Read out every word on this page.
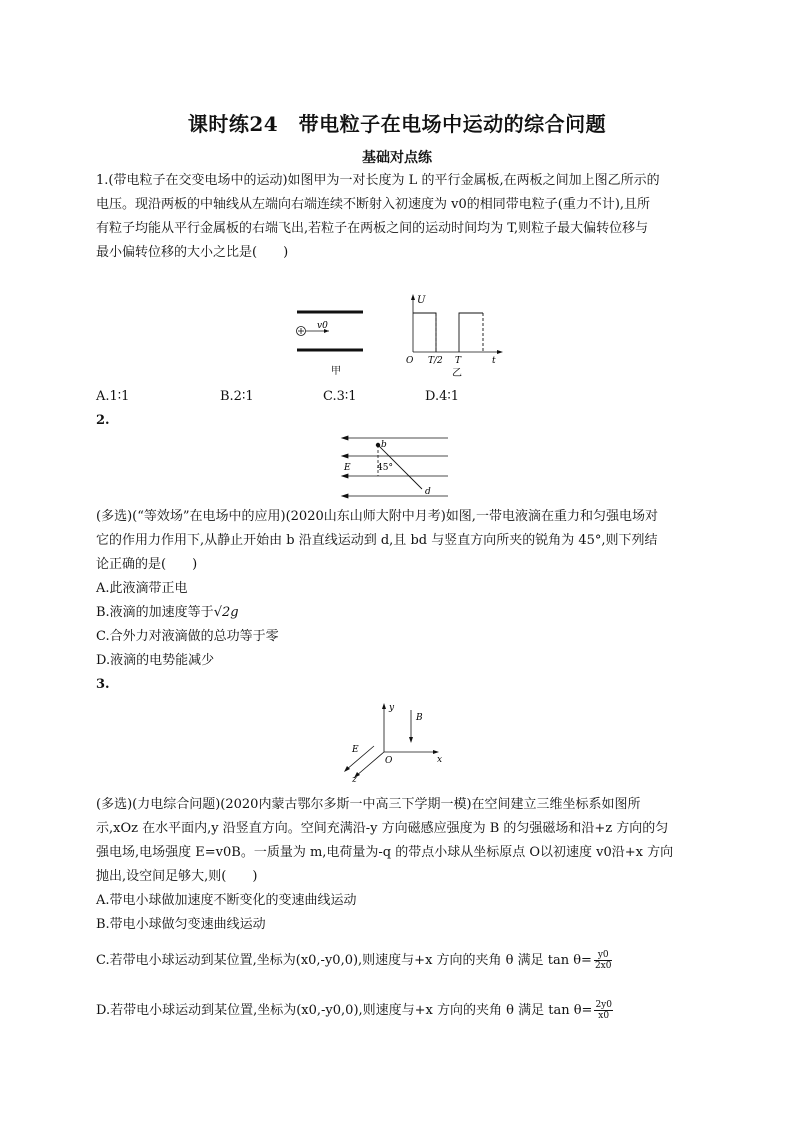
课时练24　带电粒子在电场中运动的综合问题
基础对点练
1.(带电粒子在交变电场中的运动)如图甲为一对长度为 L 的平行金属板,在两板之间加上图乙所示的
电压。现沿两板的中轴线从左端向右端连续不断射入初速度为 v0的相同带电粒子(重力不计),且所
有粒子均能从平行金属板的右端飞出,若粒子在两板之间的运动时间均为 T,则粒子最大偏转位移与
最小偏转位移的大小之比是(　　)
v0
甲
U
O T/2 T	t
乙
A.1∶1	B.2∶1	C.3∶1	D.4∶1
2.
b
d
E	45°
(多选)(“等效场”在电场中的应用)(2020山东山师大附中月考)如图,一带电液滴在重力和匀强电场对
它的作用力作用下,从静止开始由 b 沿直线运动到 d,且 bd 与竖直方向所夹的锐角为 45°,则下列结
论正确的是(　　)
A.此液滴带正电
B.液滴的加速度等于√2g
C.合外力对液滴做的总功等于零
D.液滴的电势能减少
3.
y
x
z
O
B
E
(多选)(力电综合问题)(2020内蒙古鄂尔多斯一中高三下学期一模)在空间建立三维坐标系如图所
示,xOz 在水平面内,y 沿竖直方向。空间充满沿-y 方向磁感应强度为 B 的匀强磁场和沿+z 方向的匀
强电场,电场强度 E=v0B。一质量为 m,电荷量为-q 的带点小球从坐标原点 O以初速度 v0沿+x 方向
抛出,设空间足够大,则(　　)
A.带电小球做加速度不断变化的变速曲线运动
B.带电小球做匀变速曲线运动
C.若带电小球运动到某位置,坐标为(x0,-y0,0),则速度与+x 方向的夹角 θ 满足 $\tan \theta= \frac{y0}{2x0}$
D.若带电小球运动到某位置,坐标为(x0,-y0,0),则速度与+x 方向的夹角 θ 满足 $\tan \theta= \frac{2y0}{x0}$
